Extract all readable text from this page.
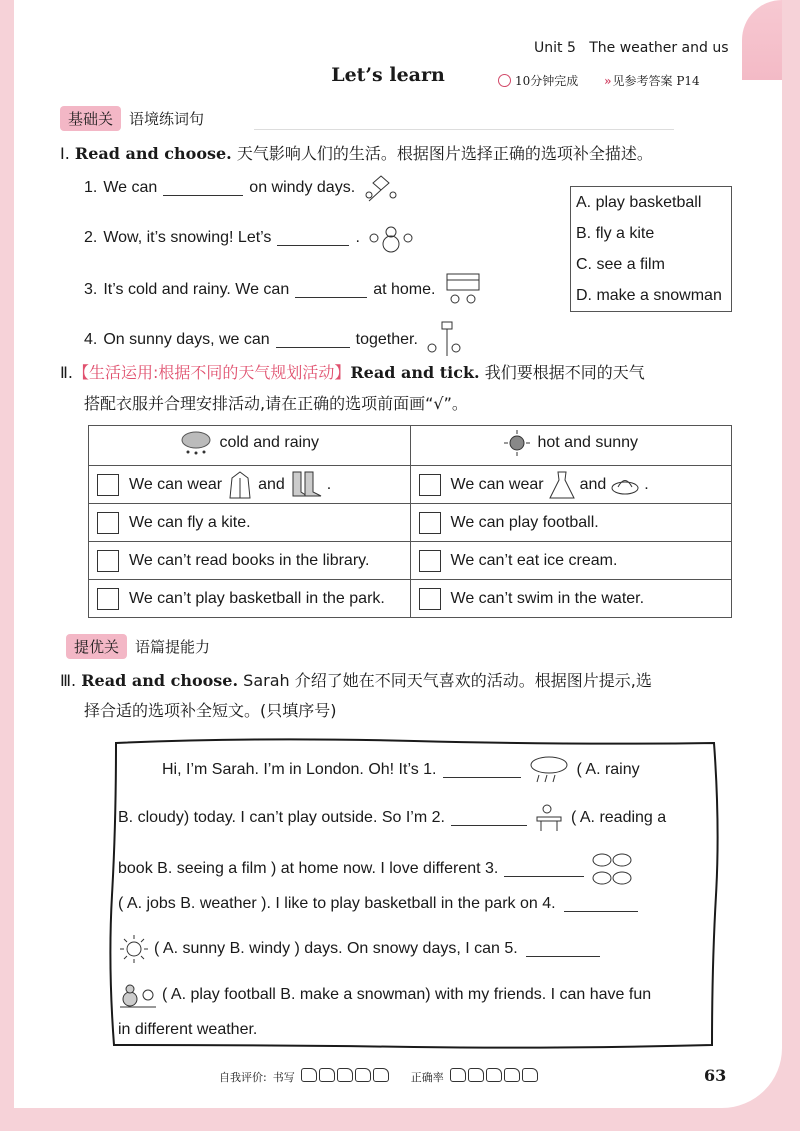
Unit 5 The weather and us
Let’s learn	10分钟完成 » 见参考答案 P14
基础关	语境练词句
Ⅰ. Read and choose. 天气影响人们的生活。根据图片选择正确的选项补全描述。
1. We can	on windy days.
2. Wow, it’s snowing! Let’s	.
3. It’s cold and rainy. We can	at home.
4. On sunny days, we can	together.
A. play basketball
B. fly a kite
C. see a film
D. make a snowman
Ⅱ.【生活运用:根据不同的天气规划活动】Read and tick. 我们要根据不同的天气
搭配衣服并合理安排活动,请在正确的选项前面画“√”。
cold and rainy	hot and sunny

We can wear and .	We can wear and .

We can fly a kite.	We can play football.

We can’t read books in the library.	We can’t eat ice cream.

We can’t play basketball in the park.	We can’t swim in the water.
提优关	语篇提能力
Ⅲ. Read and choose. Sarah 介绍了她在不同天气喜欢的活动。根据图片提示,选
择合适的选项补全短文。(只填序号)
Hi, I’m Sarah. I’m in London. Oh! It’s 1.	( A. rainy
B. cloudy) today. I can’t play outside. So I’m 2.	( A. reading a
book B. seeing a film ) at home now. I love different 3.
( A. jobs B. weather ). I like to play basketball in the park on 4.
( A. sunny B. windy ) days. On snowy days, I can 5.
( A. play football B. make a snowman) with my friends. I can have fun
in different weather.
自我评价: 书写	正确率	63
